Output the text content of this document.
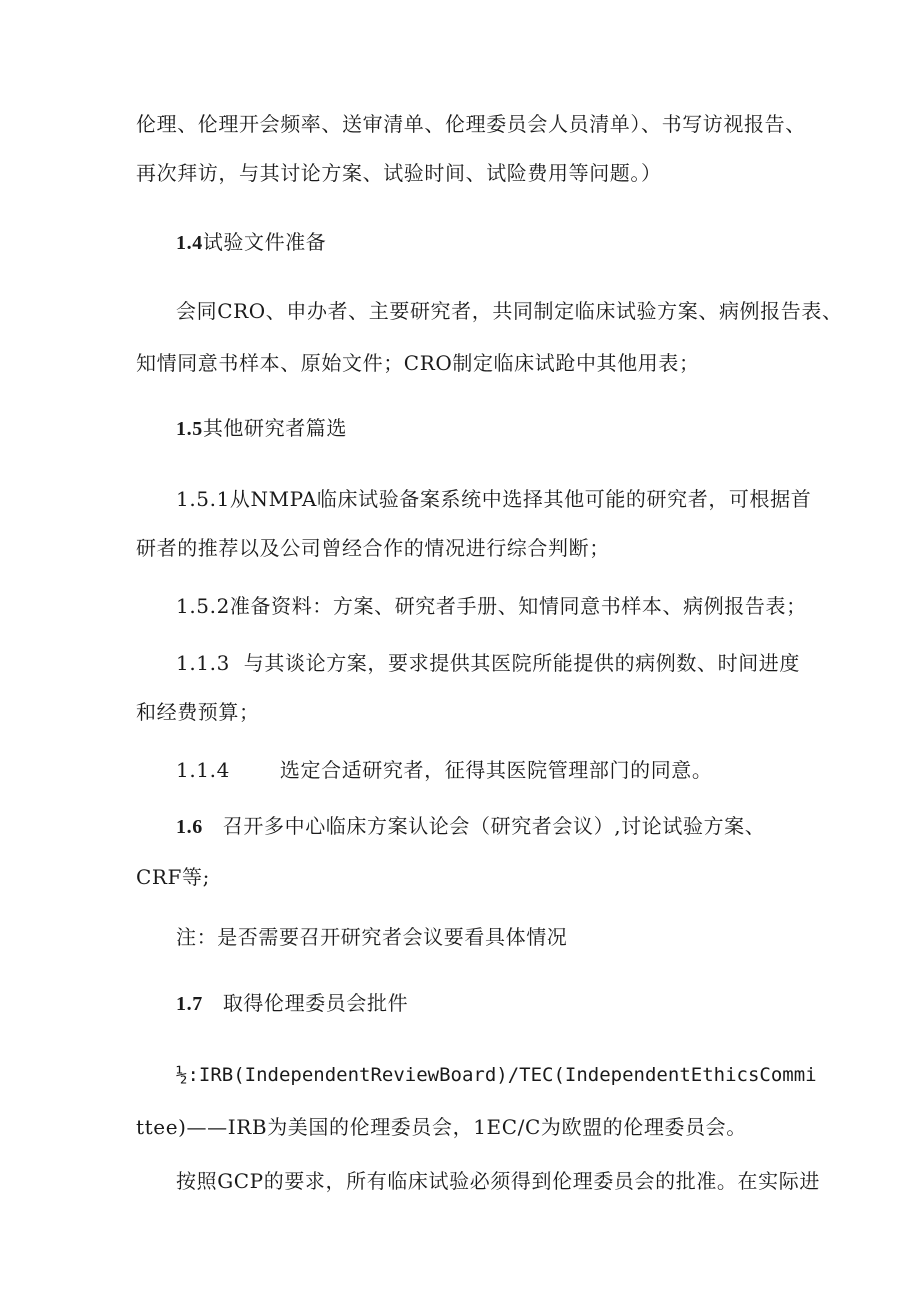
伦理、伦理开会频率、送审清单、伦理委员会人员清单）、书写访视报告、
再次拜访，与其讨论方案、试验时间、试险费用等问题。）
1.4试验文件准备
会同CRO、申办者、主要研究者，共同制定临床试验方案、病例报告表、
知情同意书样本、原始文件；CRO制定临床试跄中其他用表；
1.5其他研究者篇选
1.5.1从NMPA临床试验备案系统中选择其他可能的研究者，可根据首
研者的推荐以及公司曾经合作的情况进行综合判断；
1.5.2准备资料：方案、研究者手册、知情同意书样本、病例报告表；
1.1.3  与其谈论方案，要求提供其医院所能提供的病例数、时间进度
和经费预算；
1.1.4	选定合适研究者，征得其医院管理部门的同意。
1.6 召开多中心临床方案认论会（研究者会议）,讨论试验方案、
CRF等;
注：是否需要召开研究者会议要看具体情况
1.7 取得伦理委员会批件
½:IRB(IndependentReviewBoard)/TEC(IndependentEthicsCommi
ttee)——IRB为美国的伦理委员会，1EC/C为欧盟的伦理委员会。
按照GCP的要求，所有临床试验必须得到伦理委员会的批准。在实际进
